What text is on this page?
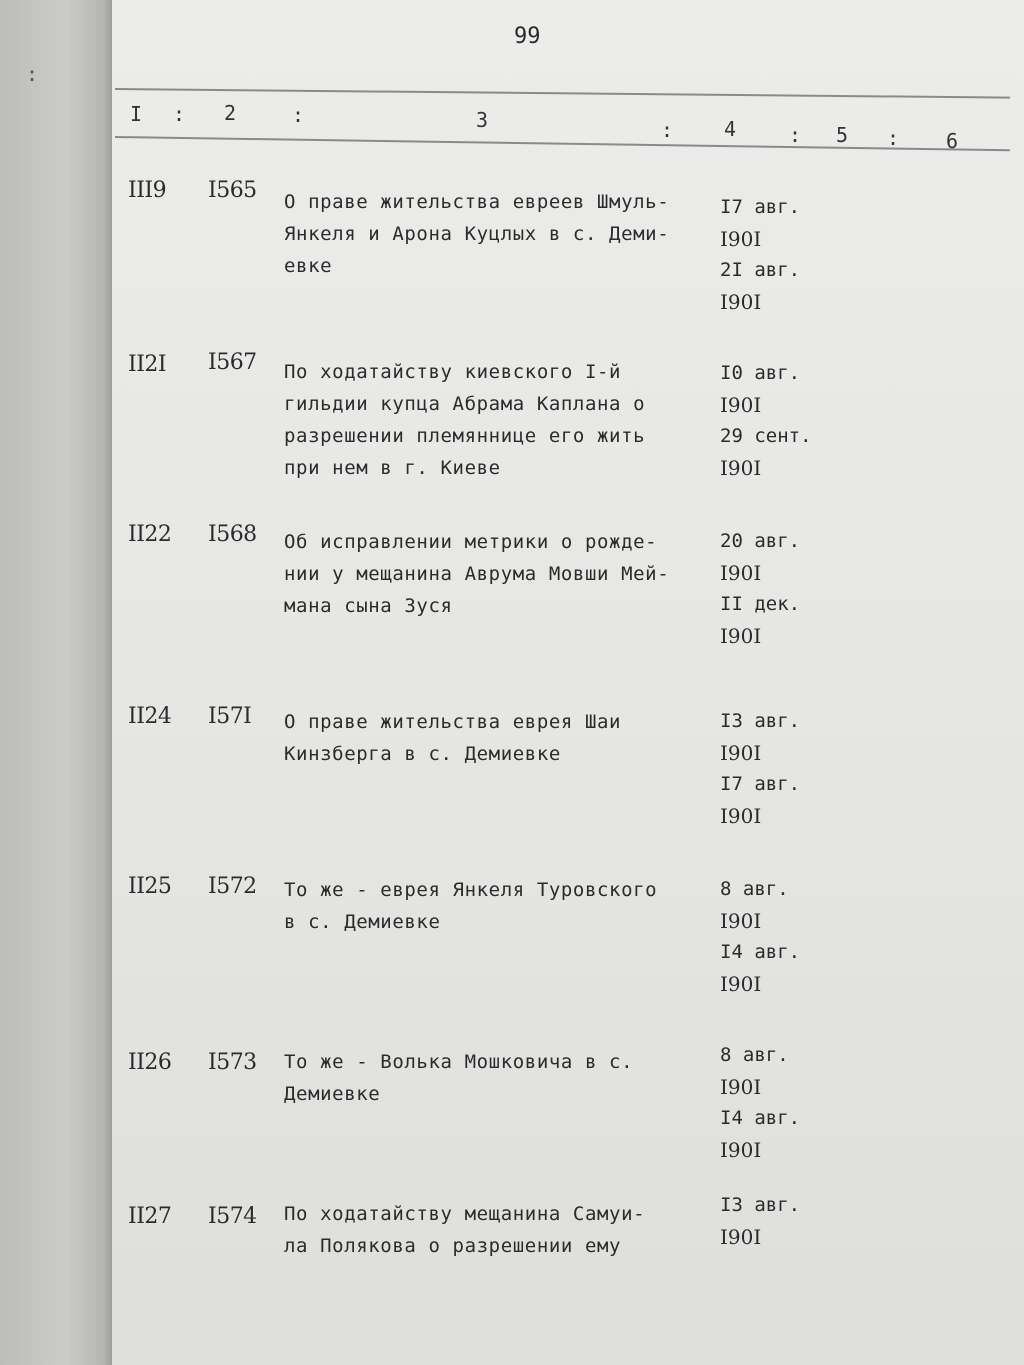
:
99
I : 2	:	3	:	4	: 5 : 6
III9 I565 О праве жительства евреев Шмуль-
Янкеля и Арона Куцлых в с. Деми-
евке
I7 авг.
I90I
2I авг.
I90I
II2I I567 По ходатайству киевского I-й
гильдии купца Абрама Каплана о
разрешении племяннице его жить
при нем в г. Киеве
I0 авг.
I90I
29 сент.
I90I
II22 I568 Об исправлении метрики о рожде-
нии у мещанина Аврума Мовши Мей-
мана сына Зуся
20 авг.
I90I
II дек.
I90I
II24 I57I О праве жительства еврея Шаи
Кинзберга в с. Демиевке
I3 авг.
I90I
I7 авг.
I90I
II25 I572 То же - еврея Янкеля Туровского
в с. Демиевке
8 авг.
I90I
I4 авг.
I90I
II26 I573 То же - Волька Мошковича в с.
Демиевке
8 авг.
I90I
I4 авг.
I90I
II27 I574 По ходатайству мещанина Самуи-
ла Полякова о разрешении ему
I3 авг.
I90I
